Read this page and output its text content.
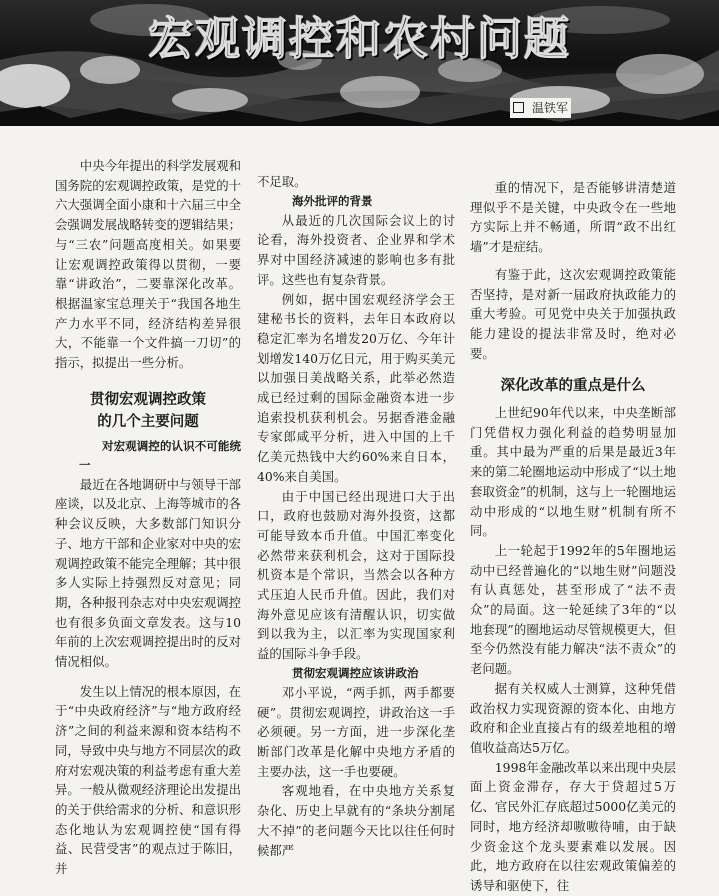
宏观调控和农村问题
温铁军

中央今年提出的科学发展观和国务院的宏观调控政策，是党的十六大强调全面小康和十六届三中全会强调发展战略转变的逻辑结果；与“三农”问题高度相关。如果要让宏观调控政策得以贯彻，一要靠“讲政治”，二要靠深化改革。根据温家宝总理关于“我国各地生产力水平不同，经济结构差异很大，不能靠一个文件搞一刀切”的指示，拟提出一些分析。

贯彻宏观调控政策
的几个主要问题

对宏观调控的认识不可能统一

最近在各地调研中与领导干部座谈，以及北京、上海等城市的各种会议反映，大多数部门知识分子、地方干部和企业家对中央的宏观调控政策不能完全理解；其中很多人实际上持强烈反对意见；同期，各种报刊杂志对中央宏观调控也有很多负面文章发表。这与10年前的上次宏观调控提出时的反对情况相似。

发生以上情况的根本原因，在于“中央政府经济”与“地方政府经济”之间的利益来源和资本结构不同，导致中央与地方不同层次的政府对宏观决策的利益考虑有重大差异。一般从微观经济理论出发提出的关于供给需求的分析、和意识形态化地认为宏观调控使“国有得益、民营受害”的观点过于陈旧，并

不足取。

海外批评的背景

从最近的几次国际会议上的讨论看，海外投资者、企业界和学术界对中国经济减速的影响也多有批评。这些也有复杂背景。

例如，据中国宏观经济学会王建秘书长的资料，去年日本政府以稳定汇率为名增发20万亿、今年计划增发140万亿日元，用于购买美元以加强日美战略关系，此举必然造成已经过剩的国际金融资本进一步追索投机获利机会。另据香港金融专家郎咸平分析，进入中国的上千亿美元热钱中大约60%来自日本，40%来自美国。

由于中国已经出现进口大于出口，政府也鼓励对海外投资，这都可能导致本币升值。中国汇率变化必然带来获利机会，这对于国际投机资本是个常识，当然会以各种方式压迫人民币升值。因此，我们对海外意见应该有清醒认识，切实做到以我为主，以汇率为实现国家利益的国际斗争手段。

贯彻宏观调控应该讲政治

邓小平说，“两手抓，两手都要硬”。贯彻宏观调控，讲政治这一手必须硬。另一方面，进一步深化垄断部门改革是化解中央地方矛盾的主要办法，这一手也要硬。

客观地看，在中央地方关系复杂化、历史上早就有的“条块分割尾大不掉”的老问题今天比以往任何时候都严

重的情况下，是否能够讲清楚道理似乎不是关键，中央政令在一些地方实际上并不畅通，所谓“政不出红墙”才是症结。

有鉴于此，这次宏观调控政策能否坚持，是对新一届政府执政能力的重大考验。可见党中央关于加强执政能力建设的提法非常及时，绝对必要。

深化改革的重点是什么

上世纪90年代以来，中央垄断部门凭借权力强化利益的趋势明显加重。其中最为严重的后果是最近3年来的第二轮圈地运动中形成了“以土地套取资金”的机制，这与上一轮圈地运动中形成的“以地生财”机制有所不同。

上一轮起于1992年的5年圈地运动中已经普遍化的“以地生财”问题没有认真惩处，甚至形成了“法不责众”的局面。这一轮延续了3年的“以地套现”的圈地运动尽管规模更大，但至今仍然没有能力解决“法不责众”的老问题。

据有关权威人士测算，这种凭借政治权力实现资源的资本化、由地方政府和企业直接占有的级差地租的增值收益高达5万亿。

1998年金融改革以来出现中央层面上资金滞存，存大于贷超过5万亿、官民外汇存底超过5000亿美元的同时，地方经济却嗷嗷待哺，由于缺少资金这个龙头要素难以发展。因此，地方政府在以往宏观政策偏差的诱导和驱使下，往
